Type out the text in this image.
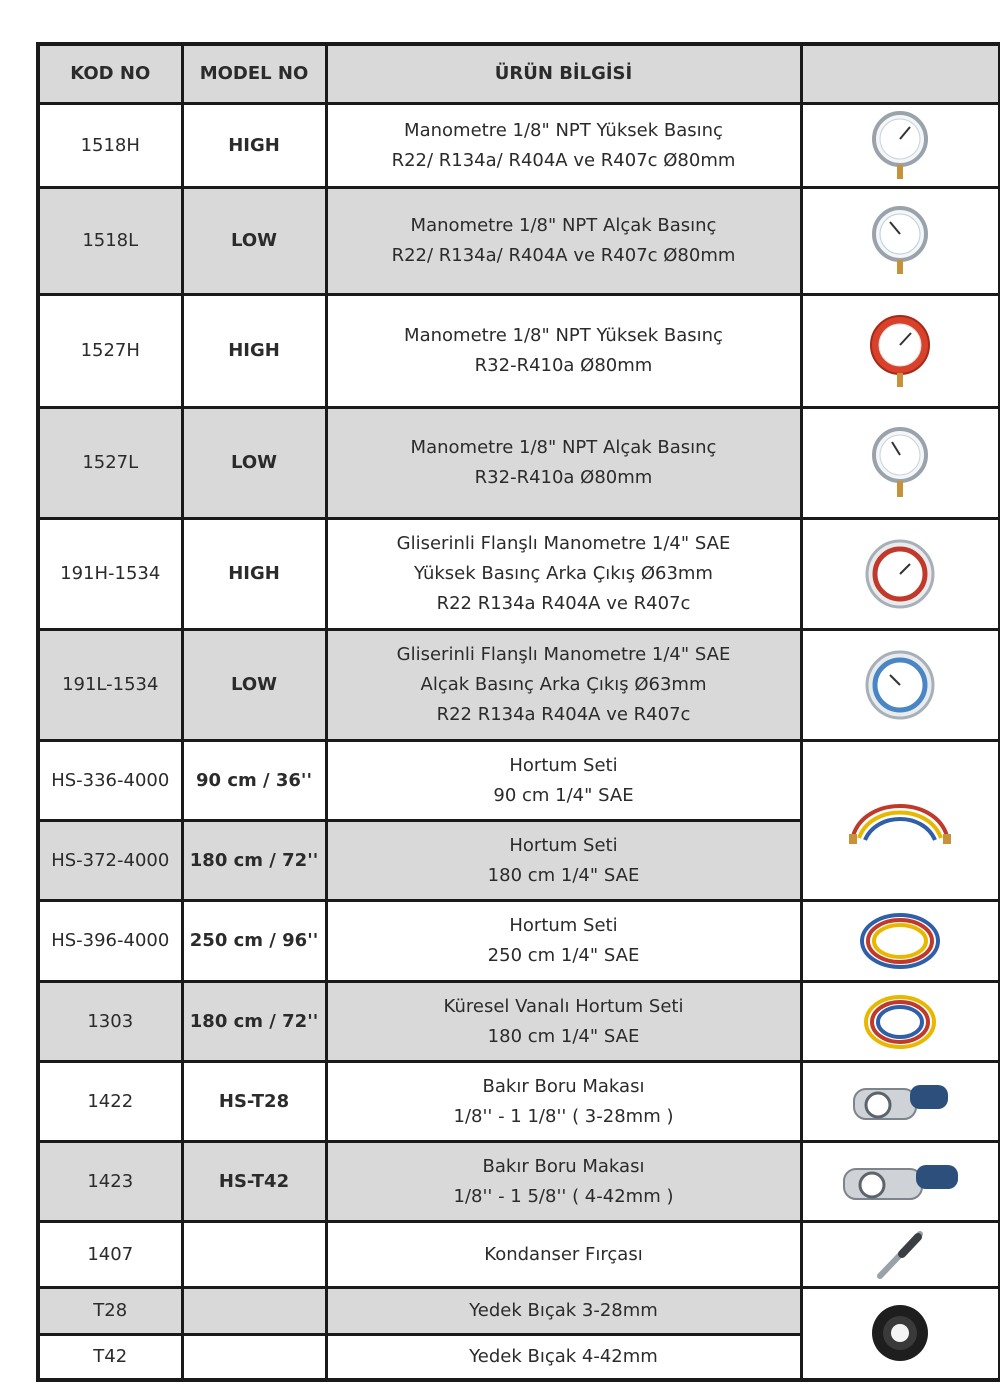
KOD NO	MODEL NO	ÜRÜN BİLGİSİ	
1518H	HIGH	Manometre 1/8" NPT Yüksek Basınç
R22/ R134a/ R404A ve R407c Ø80mm

1518L	LOW	Manometre 1/8" NPT Alçak Basınç
R22/ R134a/ R404A ve R407c Ø80mm

1527H	HIGH	Manometre 1/8" NPT Yüksek Basınç
R32-R410a Ø80mm

1527L	LOW	Manometre 1/8" NPT Alçak Basınç
R32-R410a Ø80mm

191H-1534	HIGH	Gliserinli Flanşlı Manometre 1/4" SAE
Yüksek Basınç Arka Çıkış Ø63mm
R22 R134a R404A ve R407c

191L-1534	LOW	Gliserinli Flanşlı Manometre 1/4" SAE
Alçak Basınç Arka Çıkış Ø63mm
R22 R134a R404A ve R407c

HS-336-4000	90 cm / 36''	Hortum Seti
90 cm 1/4" SAE

HS-372-4000	180 cm / 72''	Hortum Seti
180 cm 1/4" SAE	

HS-396-4000	250 cm / 96''	Hortum Seti
250 cm 1/4" SAE

1303	180 cm / 72''	Küresel Vanalı Hortum Seti
180 cm 1/4" SAE

1422	HS-T28	Bakır Boru Makası
1/8'' - 1 1/8'' ( 3-28mm )

1423	HS-T42	Bakır Boru Makası
1/8'' - 1 5/8'' ( 4-42mm )

1407		Kondanser Fırçası

T28		Yedek Bıçak 3-28mm

T42		Yedek Bıçak 4-42mm	
